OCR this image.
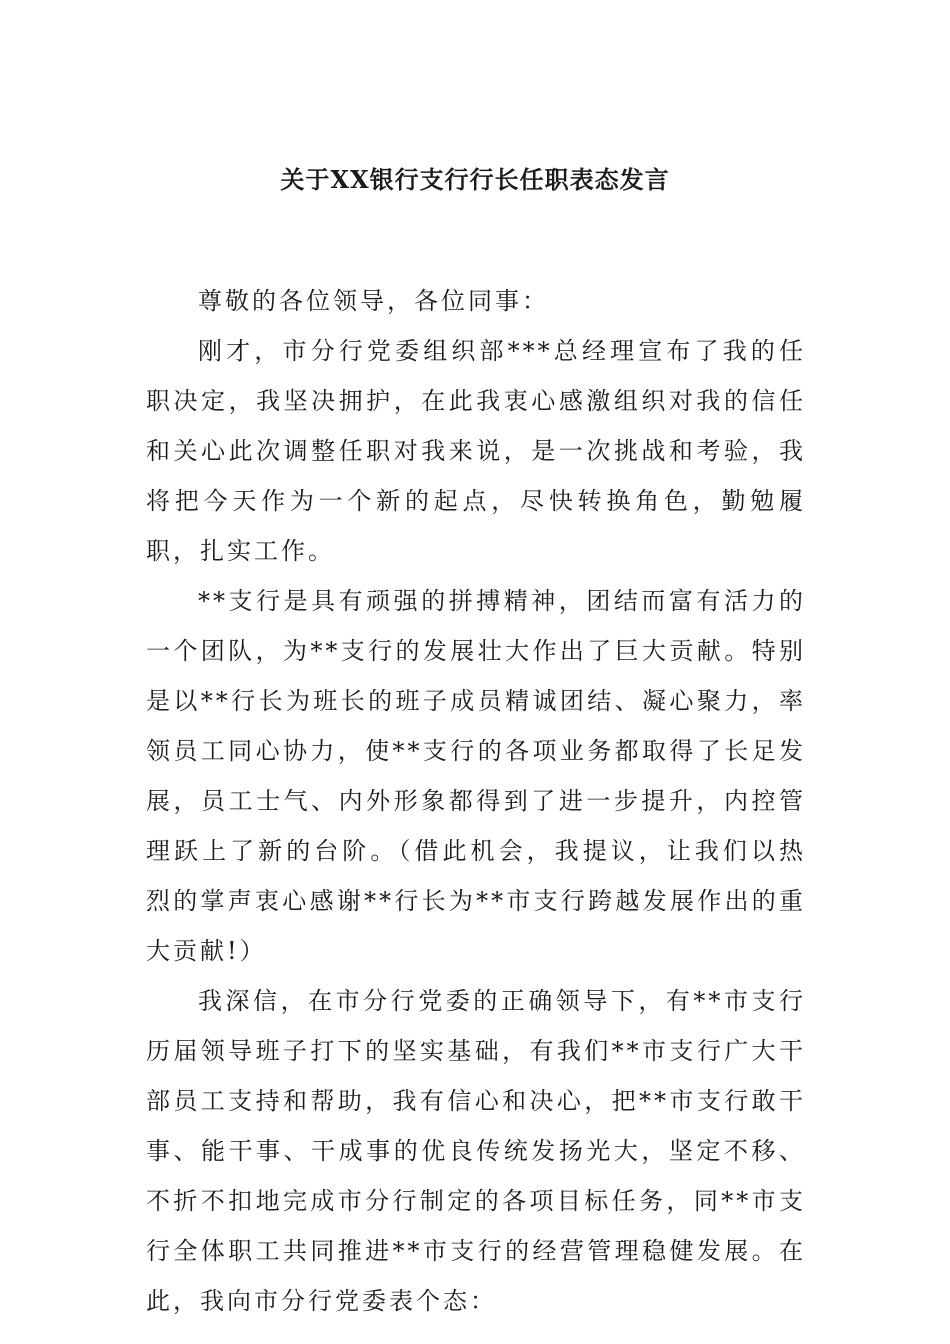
关于XX银行支行行长任职表态发言

尊敬的各位领导，各位同事：

刚才，市分行党委组织部***总经理宣布了我的任职决定，我坚决拥护，在此我衷心感激组织对我的信任和关心此次调整任职对我来说，是一次挑战和考验，我将把今天作为一个新的起点，尽快转换角色，勤勉履职，扎实工作。

**支行是具有顽强的拼搏精神，团结而富有活力的一个团队，为**支行的发展壮大作出了巨大贡献。特别是以**行长为班长的班子成员精诚团结、凝心聚力，率领员工同心协力，使**支行的各项业务都取得了长足发展，员工士气、内外形象都得到了进一步提升，内控管理跃上了新的台阶。（借此机会，我提议，让我们以热烈的掌声衷心感谢**行长为**市支行跨越发展作出的重大贡献!）

我深信，在市分行党委的正确领导下，有**市支行历届领导班子打下的坚实基础，有我们**市支行广大干部员工支持和帮助，我有信心和决心，把**市支行敢干事、能干事、干成事的优良传统发扬光大，坚定不移、不折不扣地完成市分行制定的各项目标任务，同**市支行全体职工共同推进**市支行的经营管理稳健发展。在此，我向市分行党委表个态：
